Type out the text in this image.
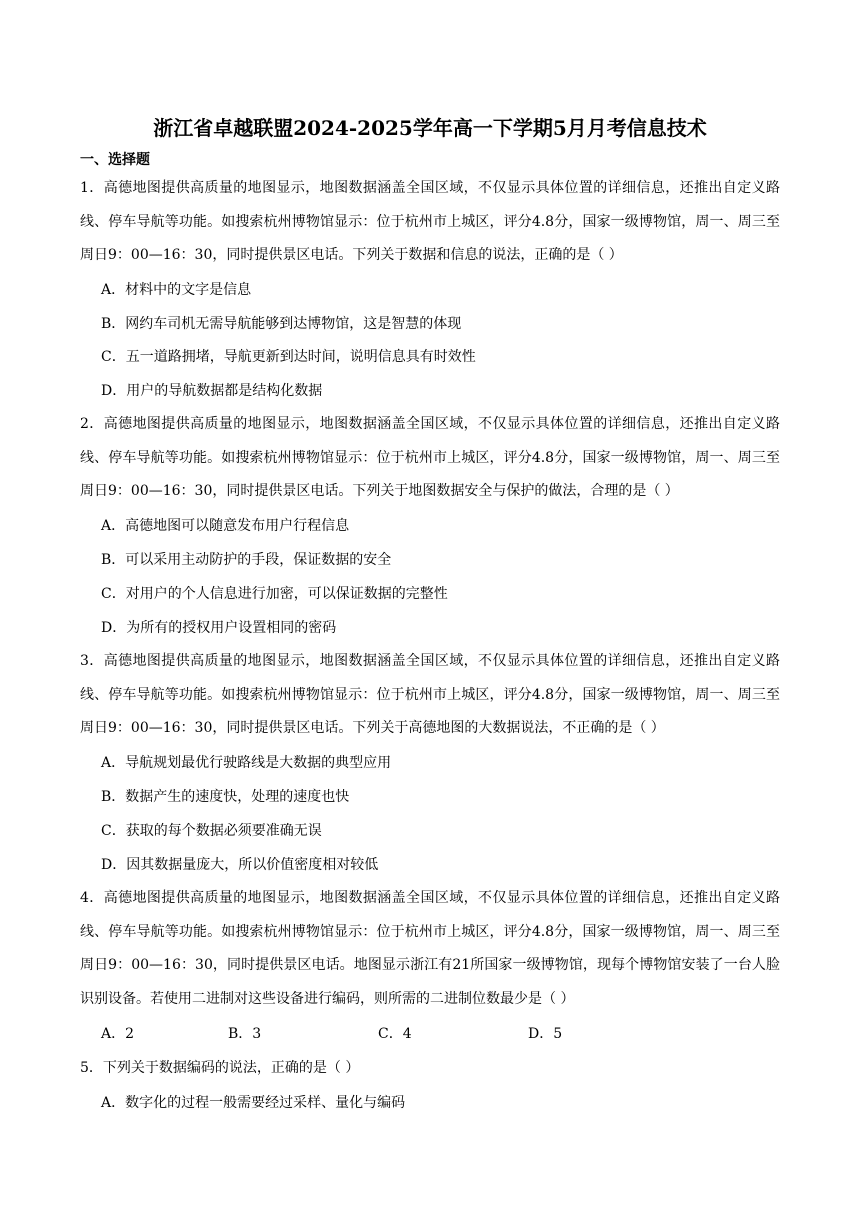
浙江省卓越联盟2024-2025学年高一下学期5月月考信息技术
一、选择题
1．高德地图提供高质量的地图显示，地图数据涵盖全国区域，不仅显示具体位置的详细信息，还推出自定义路线、停车导航等功能。如搜索杭州博物馆显示：位于杭州市上城区，评分4.8分，国家一级博物馆，周一、周三至周日9：00—16：30，同时提供景区电话。下列关于数据和信息的说法，正确的是（ ）
A．材料中的文字是信息
B．网约车司机无需导航能够到达博物馆，这是智慧的体现
C．五一道路拥堵，导航更新到达时间，说明信息具有时效性
D．用户的导航数据都是结构化数据
2．高德地图提供高质量的地图显示，地图数据涵盖全国区域，不仅显示具体位置的详细信息，还推出自定义路线、停车导航等功能。如搜索杭州博物馆显示：位于杭州市上城区，评分4.8分，国家一级博物馆，周一、周三至周日9：00—16：30，同时提供景区电话。下列关于地图数据安全与保护的做法，合理的是（ ）
A．高德地图可以随意发布用户行程信息
B．可以采用主动防护的手段，保证数据的安全
C．对用户的个人信息进行加密，可以保证数据的完整性
D．为所有的授权用户设置相同的密码
3．高德地图提供高质量的地图显示，地图数据涵盖全国区域，不仅显示具体位置的详细信息，还推出自定义路线、停车导航等功能。如搜索杭州博物馆显示：位于杭州市上城区，评分4.8分，国家一级博物馆，周一、周三至周日9：00—16：30，同时提供景区电话。下列关于高德地图的大数据说法，不正确的是（ ）
A．导航规划最优行驶路线是大数据的典型应用
B．数据产生的速度快，处理的速度也快
C．获取的每个数据必须要准确无误
D．因其数据量庞大，所以价值密度相对较低
4．高德地图提供高质量的地图显示，地图数据涵盖全国区域，不仅显示具体位置的详细信息，还推出自定义路线、停车导航等功能。如搜索杭州博物馆显示：位于杭州市上城区，评分4.8分，国家一级博物馆，周一、周三至周日9：00—16：30，同时提供景区电话。地图显示浙江有21所国家一级博物馆，现每个博物馆安装了一台人脸识别设备。若使用二进制对这些设备进行编码，则所需的二进制位数最少是（ ）
A．2	B．3	C．4	D．5
5．下列关于数据编码的说法，正确的是（ ）
A．数字化的过程一般需要经过采样、量化与编码
